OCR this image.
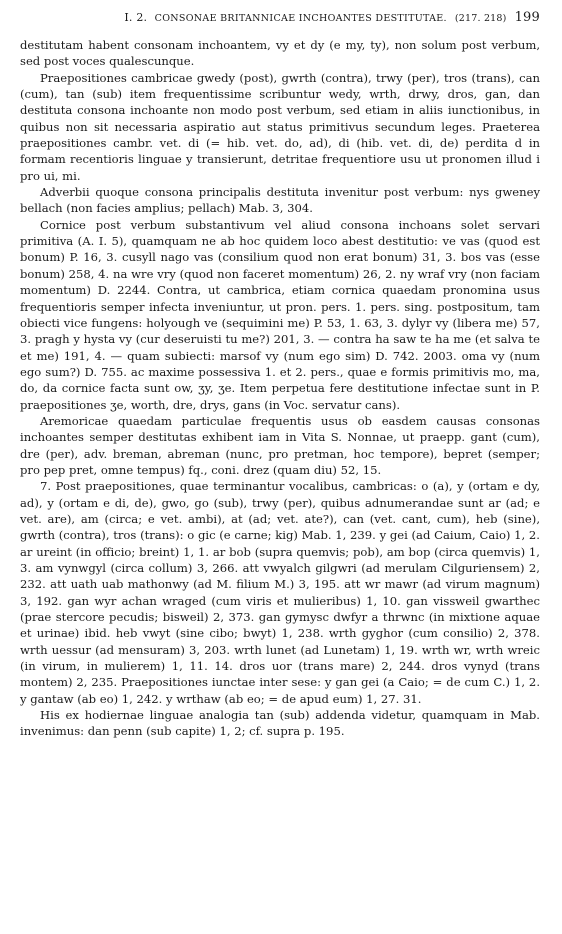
I. 2.
CONSONAE BRITANNICAE INCHOANTES DESTITUTAE. (217. 218) 199

destitutam habent consonam inchoantem, vy et dy (e my, ty), non solum post verbum, sed post voces qualescunque.

Praepositiones cambricae gwedy (post), gwrth (contra), trwy (per), tros (trans), can (cum), tan (sub) item frequentissime scribuntur wedy, wrth, drwy, dros, gan, dan destituta consona inchoante non modo post verbum, sed etiam in aliis iunctionibus, in quibus non sit necessaria aspiratio aut status primitivus secundum leges. Praeterea praepositiones cambr. vet. di (= hib. vet. do, ad), di (hib. vet. di, de) perdita d in formam recentioris linguae y transierunt, detritae frequentiore usu ut pronomen illud i pro ui, mi.

Adverbii quoque consona principalis destituta invenitur post verbum: nys gweney bellach (non facies amplius; pellach) Mab. 3, 304.

Cornice post verbum substantivum vel aliud consona inchoans solet servari primitiva (A. I. 5), quamquam ne ab hoc quidem loco abest destitutio: ve vas (quod est bonum) P. 16, 3. cusyll nago vas (consilium quod non erat bonum) 31, 3. bos vas (esse bonum) 258, 4. na wre vry (quod non faceret momentum) 26, 2. ny wraf vry (non faciam momentum) D. 2244. Contra, ut cambrica, etiam cornica quaedam pronomina usus frequentioris semper infecta inveniuntur, ut pron. pers. 1. pers. sing. postpositum, tam obiecti vice fungens: holyough ve (sequimini me) P. 53, 1. 63, 3. dylyr vy (libera me) 57, 3. pragh y hysta vy (cur deseruisti tu me?) 201, 3. — contra ha saw te ha me (et salva te et me) 191, 4. — quam subiecti: marsof vy (num ego sim) D. 742. 2003. oma vy (num ego sum?) D. 755. ac maxime possessiva 1. et 2. pers., quae e formis primitivis mo, ma, do, da cornice facta sunt ow, ʒy, ʒe. Item perpetua fere destitutione infectae sunt in P. praepositiones ʒe, worth, dre, drys, gans (in Voc. servatur cans).

Aremoricae quaedam particulae frequentis usus ob easdem causas consonas inchoantes semper destitutas exhibent iam in Vita S. Nonnae, ut praepp. gant (cum), dre (per), adv. breman, abreman (nunc, pro pretman, hoc tempore), bepret (semper; pro pep pret, omne tempus) fq., coni. drez (quam diu) 52, 15.

7. Post praepositiones, quae terminantur vocalibus, cambricas: o (a), y (ortam e dy, ad), y (ortam e di, de), gwo, go (sub), trwy (per), quibus adnumerandae sunt ar (ad; e vet. are), am (circa; e vet. ambi), at (ad; vet. ate?), can (vet. cant, cum), heb (sine), gwrth (contra), tros (trans): o gic (e carne; kig) Mab. 1, 239. y gei (ad Caium, Caio) 1, 2. ar ureint (in officio; breint) 1, 1. ar bob (supra quemvis; pob), am bop (circa quemvis) 1, 3. am vynwgyl (circa collum) 3, 266. att vwyalch gilgwri (ad merulam Cilguriensem) 2, 232. att uath uab mathonwy (ad M. filium M.) 3, 195. att wr mawr (ad virum magnum) 3, 192. gan wyr achan wraged (cum viris et mulieribus) 1, 10. gan vissweil gwarthec (prae stercore pecudis; bisweil) 2, 373. gan gymysc dwfyr a thrwnc (in mixtione aquae et urinae) ibid. heb vwyt (sine cibo; bwyt) 1, 238. wrth gyghor (cum consilio) 2, 378. wrth uessur (ad mensuram) 3, 203. wrth lunet (ad Lunetam) 1, 19. wrth wr, wrth wreic (in virum, in mulierem) 1, 11. 14. dros uor (trans mare) 2, 244. dros vynyd (trans montem) 2, 235. Praepositiones iunctae inter sese: y gan gei (a Caio; = de cum C.) 1, 2. y gantaw (ab eo) 1, 242. y wrthaw (ab eo; = de apud eum) 1, 27. 31.

His ex hodiernae linguae analogia tan (sub) addenda videtur, quamquam in Mab. invenimus: dan penn (sub capite) 1, 2; cf. supra p. 195.
